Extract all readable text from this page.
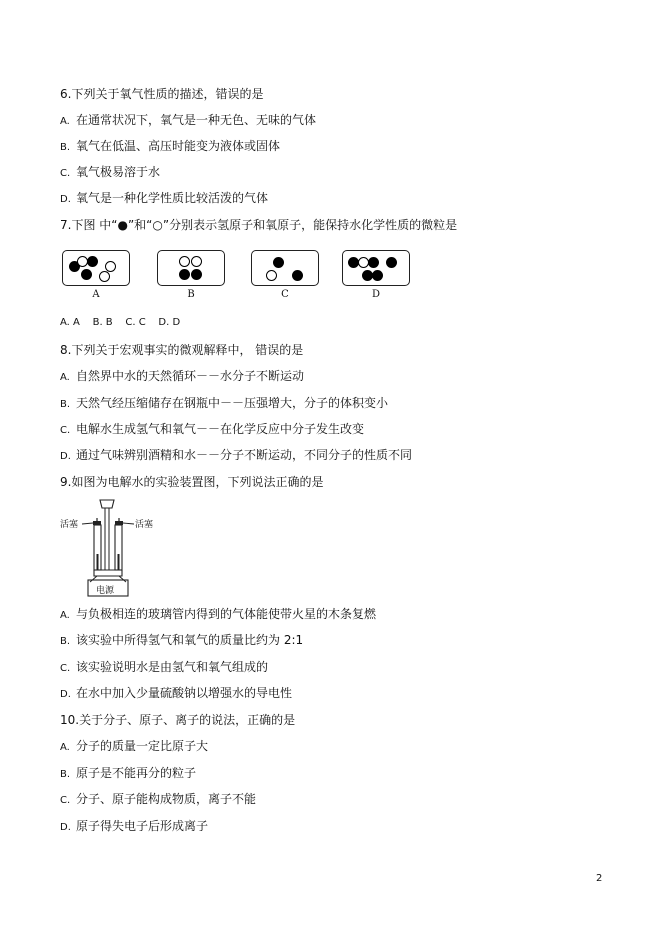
6.下列关于氧气性质的描述，错误的是
A. 在通常状况下，氧气是一种无色、无味的气体
B. 氧气在低温、高压时能变为液体或固体
C. 氧气极易溶于水
D. 氧气是一种化学性质比较活泼的气体
7.下图 中“●”和“○”分别表示氢原子和氧原子，能保持水化学性质的微粒是
A	B	C	D
A. A    B. B    C. C    D. D
8.下列关于宏观事实的微观解释中， 错误的是
A. 自然界中水的天然循环－－水分子不断运动
B. 天然气经压缩储存在钢瓶中－－压强增大，分子的体积变小
C. 电解水生成氢气和氧气－－在化学反应中分子发生改变
D. 通过气味辨别酒精和水－－分子不断运动，不同分子的性质不同
9.如图为电解水的实验装置图，下列说法正确的是
活塞	活塞
电源
A. 与负极相连的玻璃管内得到的气体能使带火星的木条复燃
B. 该实验中所得氢气和氧气的质量比约为 2:1
C. 该实验说明水是由氢气和氧气组成的
D. 在水中加入少量硫酸钠以增强水的导电性
10.关于分子、原子、离子的说法，正确的是
A. 分子的质量一定比原子大
B. 原子是不能再分的粒子
C. 分子、原子能构成物质，离子不能
D. 原子得失电子后形成离子
2
